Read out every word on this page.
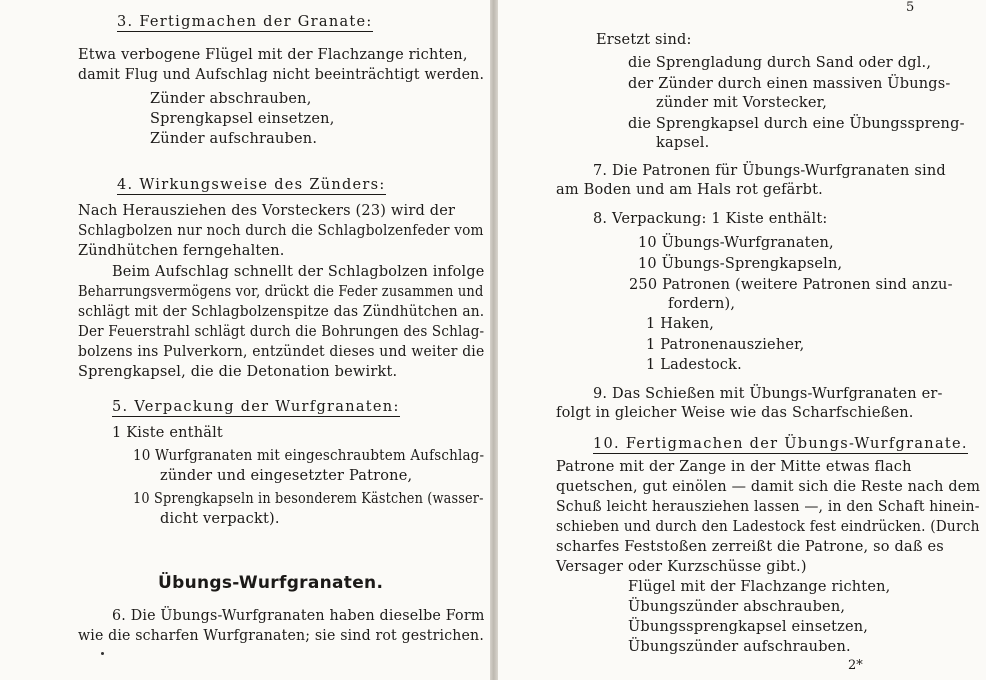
3. Fertigmachen der Granate:
Etwa verbogene Flügel mit der Flachzange richten,
damit Flug und Aufschlag nicht beeinträchtigt werden.
Zünder abschrauben,
Sprengkapsel einsetzen,
Zünder aufschrauben.
4. Wirkungsweise des Zünders:
Nach Herausziehen des Vorsteckers (23) wird der
Schlagbolzen nur noch durch die Schlagbolzenfeder vom
Zündhütchen ferngehalten.
Beim Aufschlag schnellt der Schlagbolzen infolge
Beharrungsvermögens vor, drückt die Feder zusammen und
schlägt mit der Schlagbolzenspitze das Zündhütchen an.
Der Feuerstrahl schlägt durch die Bohrungen des Schlag-
bolzens ins Pulverkorn, entzündet dieses und weiter die
Sprengkapsel, die die Detonation bewirkt.
5. Verpackung der Wurfgranaten:
1 Kiste enthält
10 Wurfgranaten mit eingeschraubtem Aufschlag-
zünder und eingesetzter Patrone,
10 Sprengkapseln in besonderem Kästchen (wasser-
dicht verpackt).
Übungs-Wurfgranaten.
6. Die Übungs-Wurfgranaten haben dieselbe Form
wie die scharfen Wurfgranaten; sie sind rot gestrichen.
5
Ersetzt sind:
die Sprengladung durch Sand oder dgl.,
der Zünder durch einen massiven Übungs-
zünder mit Vorstecker,
die Sprengkapsel durch eine Übungsspreng-
kapsel.
7. Die Patronen für Übungs-Wurfgranaten sind
am Boden und am Hals rot gefärbt.
8. Verpackung: 1 Kiste enthält:
10 Übungs-Wurfgranaten,
10 Übungs-Sprengkapseln,
250 Patronen (weitere Patronen sind anzu-
fordern),
1 Haken,
1 Patronenauszieher,
1 Ladestock.
9. Das Schießen mit Übungs-Wurfgranaten er-
folgt in gleicher Weise wie das Scharfschießen.
10. Fertigmachen der Übungs-Wurfgranate.
Patrone mit der Zange in der Mitte etwas flach
quetschen, gut einölen — damit sich die Reste nach dem
Schuß leicht herausziehen lassen —, in den Schaft hinein-
schieben und durch den Ladestock fest eindrücken. (Durch
scharfes Feststoßen zerreißt die Patrone, so daß es
Versager oder Kurzschüsse gibt.)
Flügel mit der Flachzange richten,
Übungszünder abschrauben,
Übungssprengkapsel einsetzen,
Übungszünder aufschrauben.
2*
